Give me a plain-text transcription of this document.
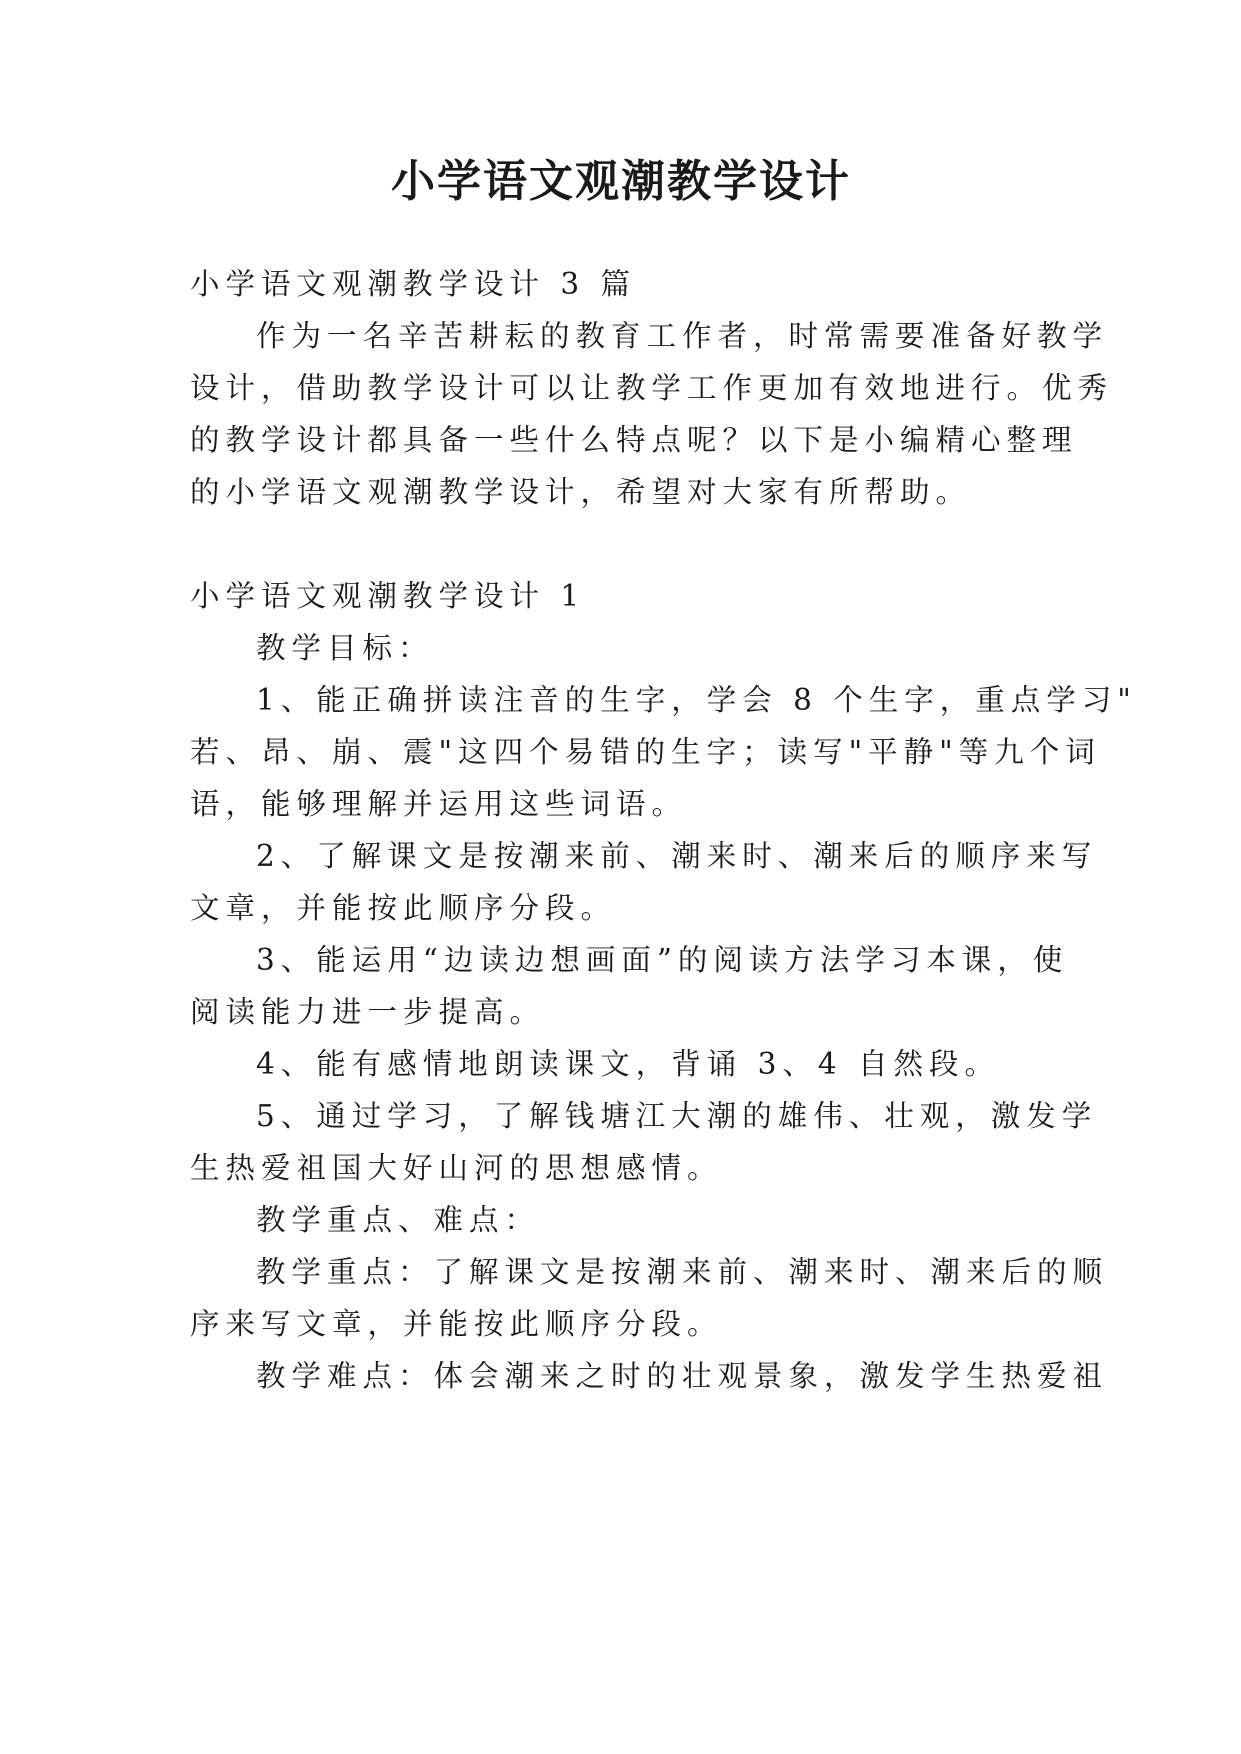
小学语文观潮教学设计

小学语文观潮教学设计 3 篇

作为一名辛苦耕耘的教育工作者，时常需要准备好教学

设计，借助教学设计可以让教学工作更加有效地进行。优秀

的教学设计都具备一些什么特点呢？以下是小编精心整理

的小学语文观潮教学设计，希望对大家有所帮助。

小学语文观潮教学设计 1

教学目标：

1、能正确拼读注音的生字，学会 8 个生字，重点学习"

若、昂、崩、震"这四个易错的生字；读写"平静"等九个词

语，能够理解并运用这些词语。

2、了解课文是按潮来前、潮来时、潮来后的顺序来写

文章，并能按此顺序分段。

3、能运用“边读边想画面”的阅读方法学习本课，使

阅读能力进一步提高。

4、能有感情地朗读课文，背诵 3、4 自然段。

5、通过学习，了解钱塘江大潮的雄伟、壮观，激发学

生热爱祖国大好山河的思想感情。

教学重点、难点：

教学重点：了解课文是按潮来前、潮来时、潮来后的顺

序来写文章，并能按此顺序分段。

教学难点：体会潮来之时的壮观景象，激发学生热爱祖
